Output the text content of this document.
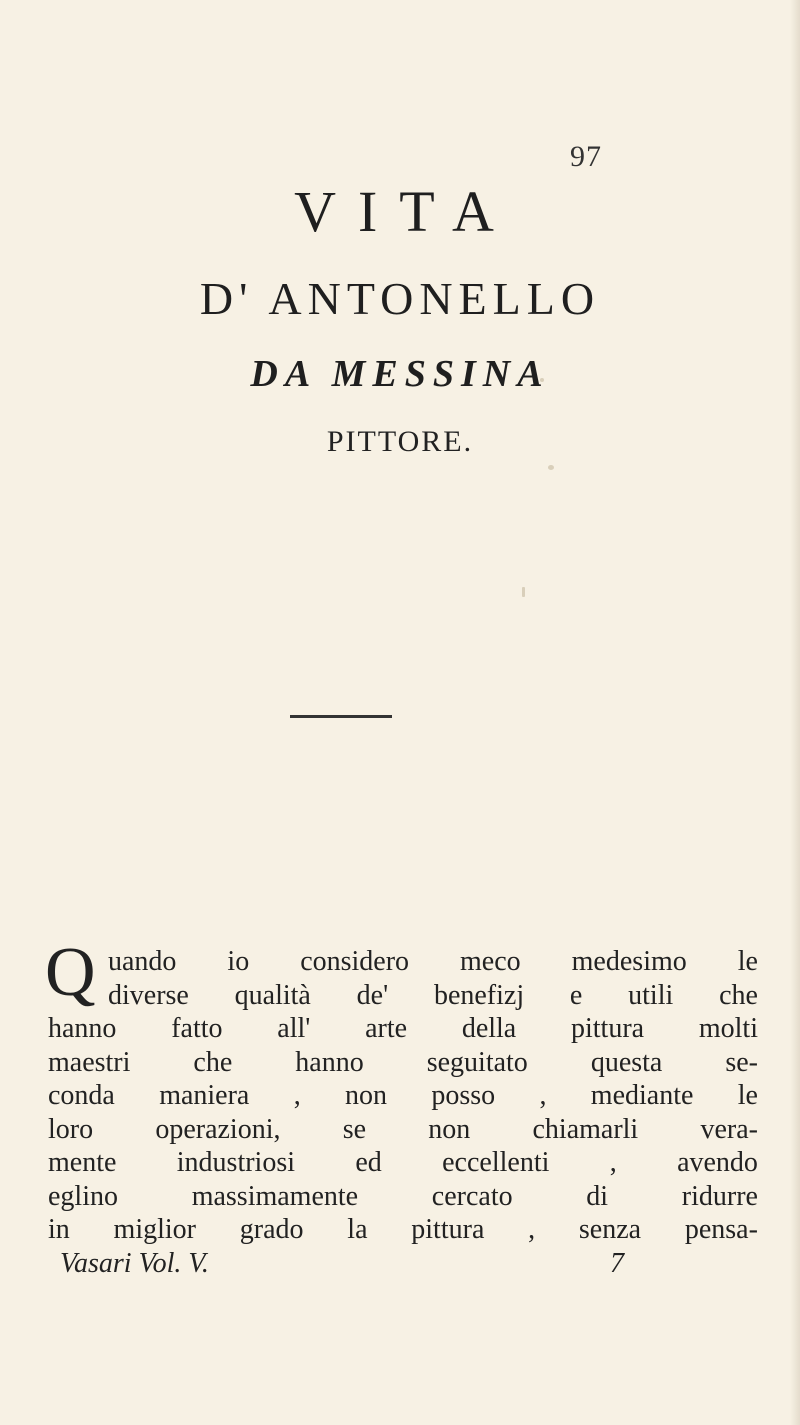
97
VITA
D' ANTONELLO
DA MESSINA
PITTORE.
Q uando io considero meco medesimo le
diverse qualità de' benefizj e utili che
hanno fatto all' arte della pittura molti
maestri che hanno seguitato questa se-
conda maniera , non posso , mediante le
loro operazioni, se non chiamarli vera-
mente industriosi ed eccellenti , avendo
eglino	massimamente	cercato	di	ridurre
in miglior grado la pittura , senza pensa-
Vasari Vol. V.	7
